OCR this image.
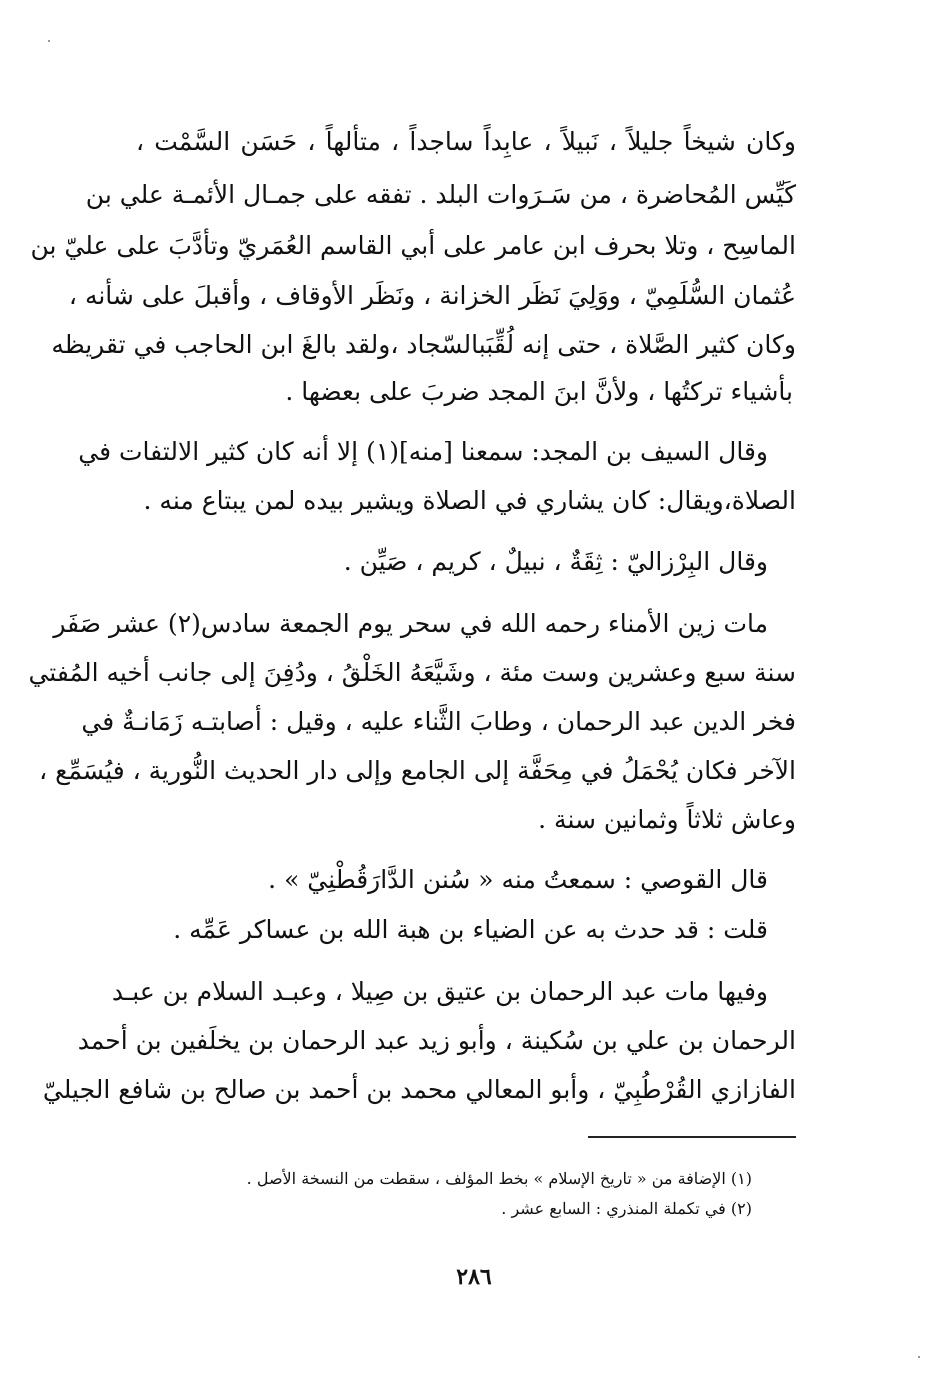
وكان شيخاً جليلاً ، نَبيلاً ، عابِداً ساجداً ، متألهاً ، حَسَن السَّمْت ،
كَيِّس المُحاضرة ، من سَـرَوات البلد . تفقه على جمـال الأئمـة علي بن
الماسِح ، وتلا بحرف ابن عامر على أبي القاسم العُمَريّ وتأدَّبَ على عليّ بن
عُثمان السُّلَمِيّ ، ووَلِيَ نَظَر الخزانة ، ونَظَر الأوقاف ، وأقبلَ على شأنه ،
وكان كثير الصَّلاة ، حتى إنه لُقِّبَبالسّجاد ،ولقد بالغَ ابن الحاجب في تقريظه
بأشياء تركتُها ، ولأنَّ ابنَ المجد ضربَ على بعضها .
وقال السيف بن المجد: سمعنا [منه](١) إلا أنه كان كثير الالتفات في
الصلاة،ويقال: كان يشاري في الصلاة ويشير بيده لمن يبتاع منه .
وقال البِرْزاليّ : ثِقَةٌ ، نبيلٌ ، كريم ، صَيِّن .
مات زين الأمناء رحمه الله في سحر يوم الجمعة سادس(٢) عشر صَفَر
سنة سبع وعشرين وست مئة ، وشَيَّعَهُ الخَلْقُ ، ودُفِنَ إلى جانب أخيه المُفتي
فخر الدين عبد الرحمان ، وطابَ الثَّناء عليه ، وقيل : أصابتـه زَمَانـةٌ في
الآخر فكان يُحْمَلُ في مِحَفَّة إلى الجامع وإلى دار الحديث النُّورية ، فيُسَمِّع ،
وعاش ثلاثاً وثمانين سنة .
قال القوصي : سمعتُ منه « سُنن الدَّارَقُطْنِيّ » .
قلت : قد حدث به عن الضياء بن هبة الله بن عساكر عَمِّه .
وفيها مات عبد الرحمان بن عتيق بن صِيلا ، وعبـد السلام بن عبـد
الرحمان بن علي بن سُكينة ، وأبو زيد عبد الرحمان بن يخلَفين بن أحمد
الفازازي القُرْطُبِيّ ، وأبو المعالي محمد بن أحمد بن صالح بن شافع الجيليّ
(١) الإضافة من « تاريخ الإسلام » بخط المؤلف ، سقطت من النسخة الأصل .
(٢) في تكملة المنذري : السابع عشر .
٢٨٦
